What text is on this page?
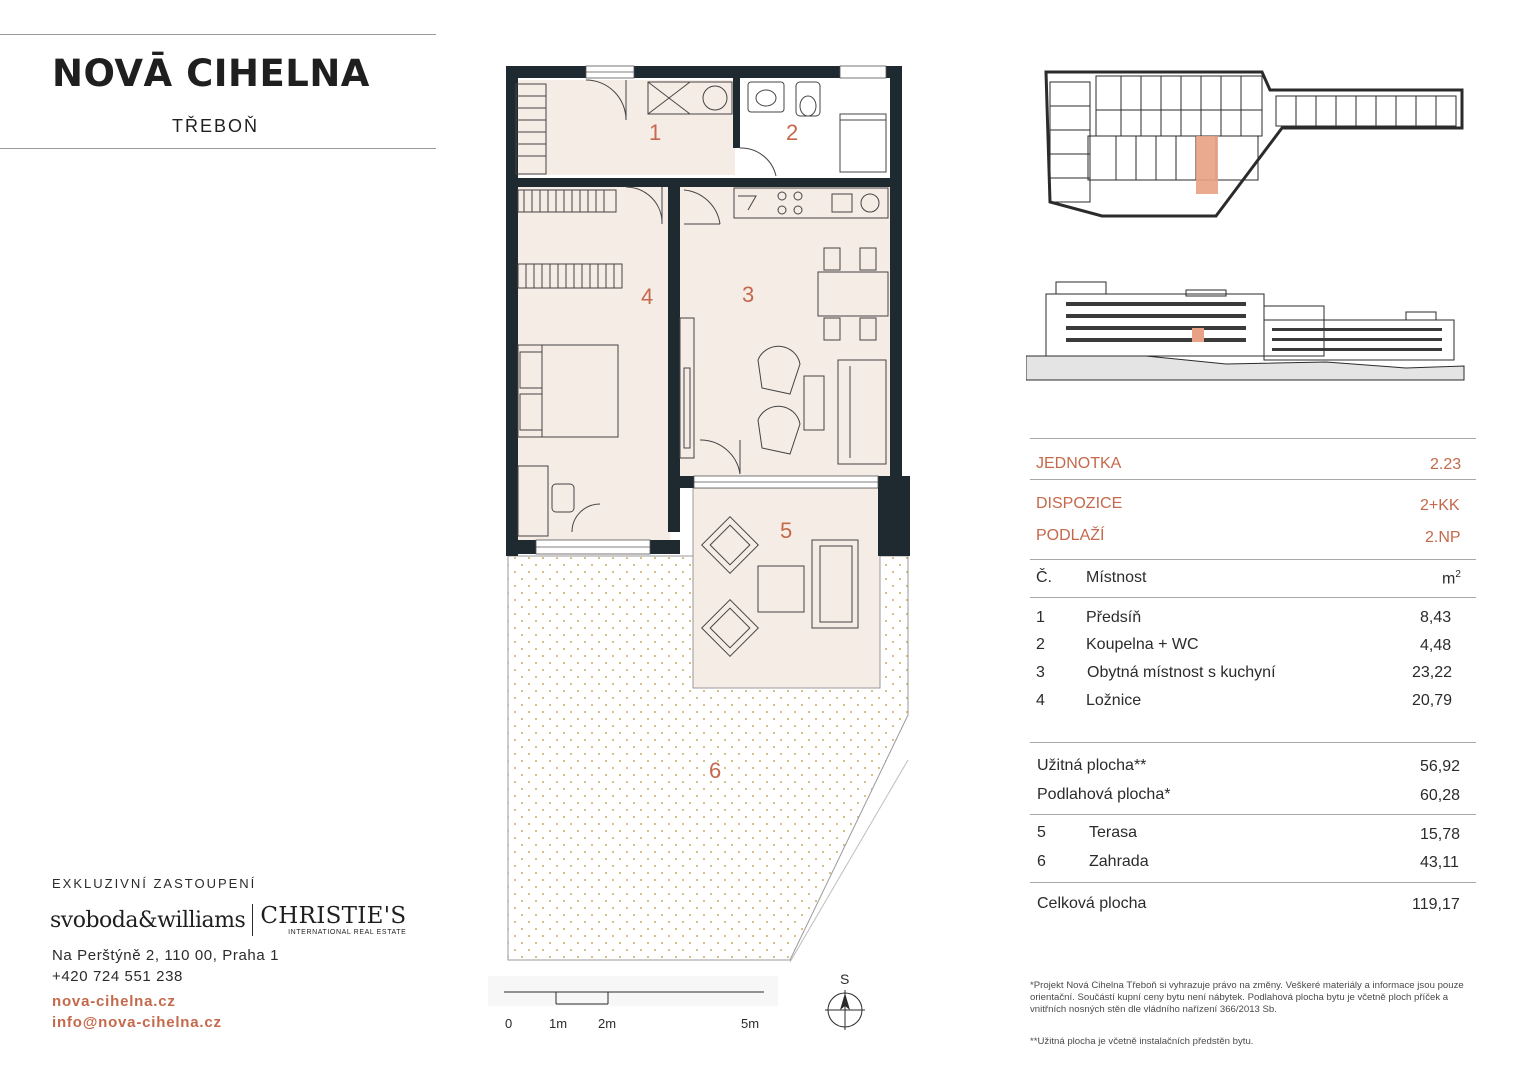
NOVĀ CIHELNA
TŘEBOŇ	1	2
3
4
5
6
JEDNOTKA	2.23
DISPOZICE	2+KK
PODLAŽÍ	2.NP
Č. Místnost	$m^2$
1	Předsíň	8,43
2	Koupelna + WC	4,48
3	Obytná místnost s kuchyní	23,22
4	Ložnice	20,79
Užitná plocha**	56,92
Podlahová plocha*	60,28
5	Terasa	15,78
6	Zahrada	43,11
Celková plocha	119,17
*Projekt Nová Cihelna Třeboň si vyhrazuje právo na změny. Veškeré materiály a informace jsou pouze orientační. Součástí kupní ceny bytu není nábytek. Podlahová plocha bytu je včetně ploch příček a vnitřních nosných stěn dle vládního nařízení 366/2013 Sb.
**Užitná plocha je včetně instalačních předstěn bytu.
0	1m 2m	5m
S
EXKLUZIVNÍ ZASTOUPENÍ
svoboda&williams CHRISTIE'S
INTERNATIONAL REAL ESTATE
Na Perštýně 2, 110 00, Praha 1
+420 724 551 238
nova-cihelna.cz
info@nova-cihelna.cz
